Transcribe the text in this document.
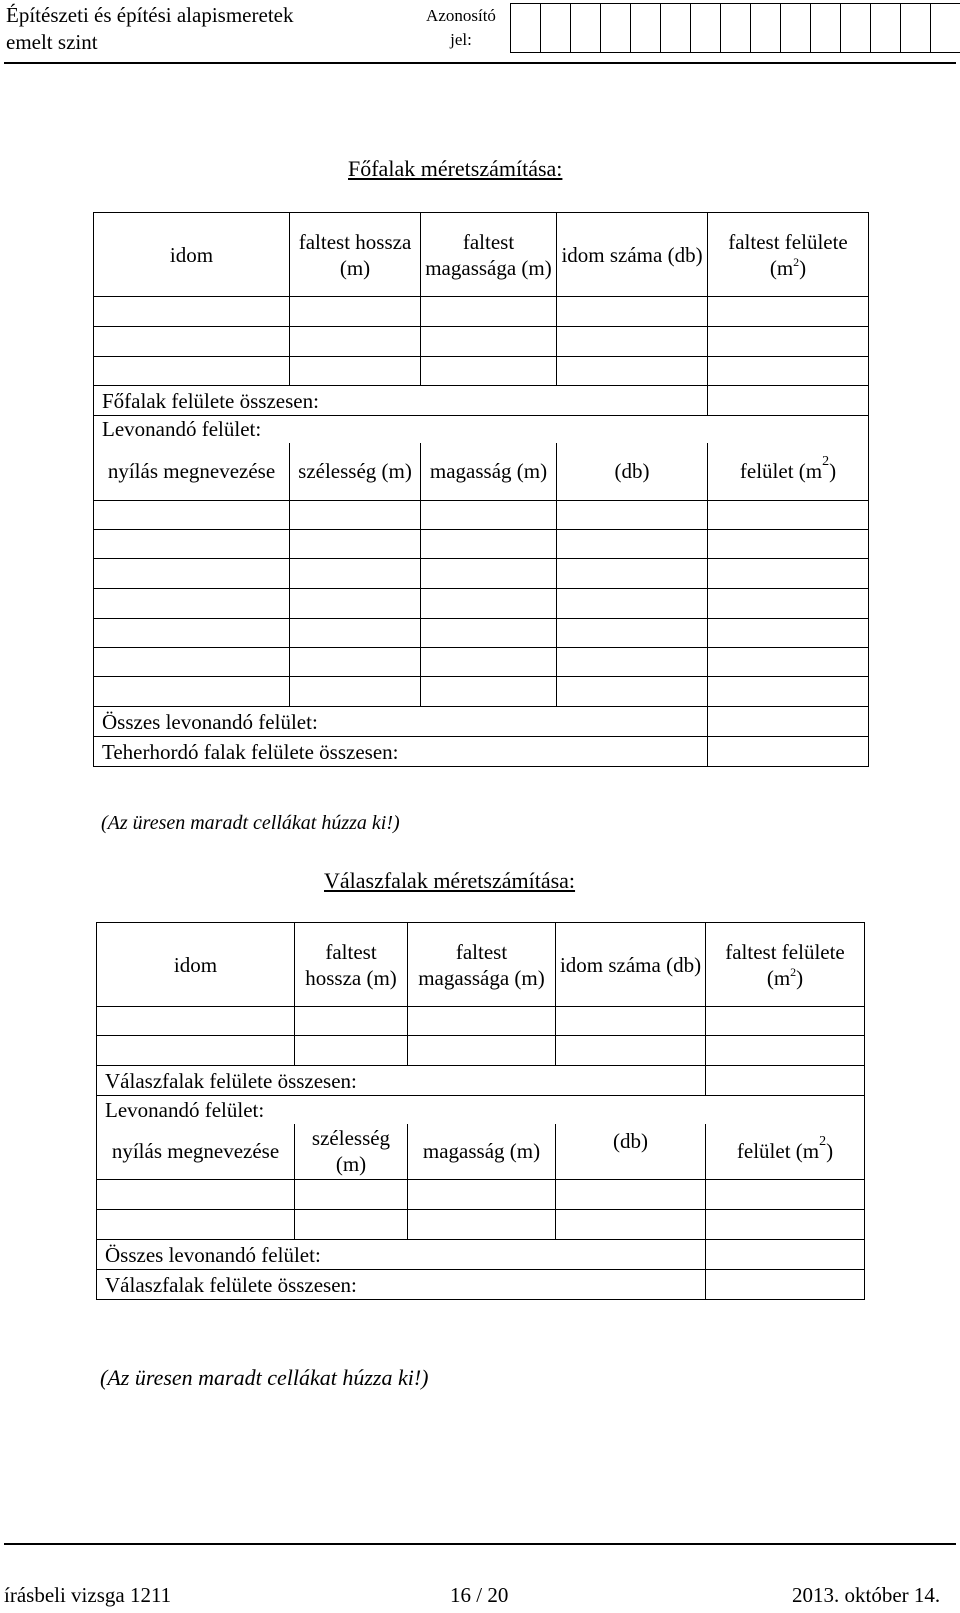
Építészeti és építési alapismeretek
emelt szint
Azonosító
jel:
Főfalak méretszámítása:
idom	faltest hossza (m)	faltest magassága (m)	idom száma (db)	faltest felülete $(m^2)$

Főfalak felülete összesen:				
Levonandó felület:				
nyílás megnevezése	szélesség (m)	magasság (m)	(db)	felület $(m^2)$

Összes levonandó felület:				
Teherhordó falak felülete összesen:				
(Az üresen maradt cellákat húzza ki!)
Válaszfalak méretszámítása:
idom	faltest hossza (m)	faltest magassága (m)	idom száma (db)	faltest felülete $(m^2)$

Válaszfalak felülete összesen:				
Levonandó felület:				
nyílás megnevezése	szélesség (m)	magasság (m)	(db)	felület $(m^2)$

Összes levonandó felület:				
Válaszfalak felülete összesen:				
(Az üresen maradt cellákat húzza ki!)
írásbeli vizsga 1211	16 / 20	2013. október 14.
